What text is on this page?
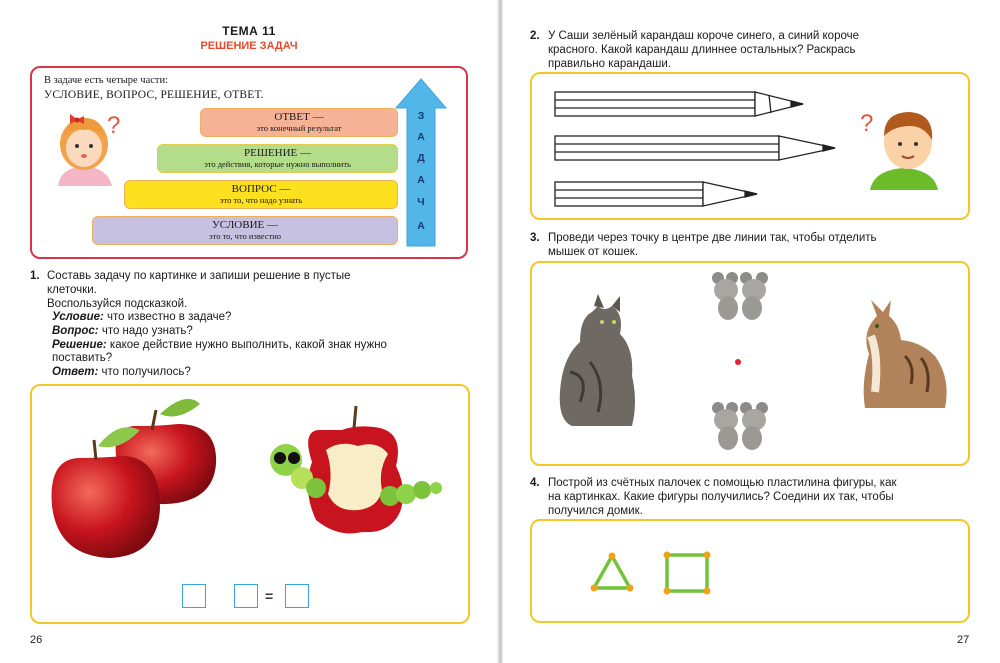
ТЕМА 11
РЕШЕНИЕ ЗАДАЧ
В задаче есть четыре части:
УСЛОВИЕ, ВОПРОС, РЕШЕНИЕ, ОТВЕТ.
?	ОТВЕТ —
это конечный результат
РЕШЕНИЕ —
это действия, которые нужно выполнить
ВОПРОС —
это то, что надо узнать
УСЛОВИЕ —
это то, что известно
З
А
Д
А
Ч
А
1. Составь задачу по картинке и запиши решение в пустые
клеточки.
Воспользуйся подсказкой.
Условие: что известно в задаче?
Вопрос: что надо узнать?
Решение: какое действие нужно выполнить, какой знак нужно
поставить?
Ответ: что получилось?
=
26
2. У Саши зелёный карандаш короче синего, а синий короче
красного. Какой карандаш длиннее остальных? Раскрась
правильно карандаши.
?
3. Проведи через точку в центре две линии так, чтобы отделить
мышек от кошек.
4. Построй из счётных палочек с помощью пластилина фигуры, как
на картинках. Какие фигуры получились? Соедини их так, чтобы
получился домик.
27
